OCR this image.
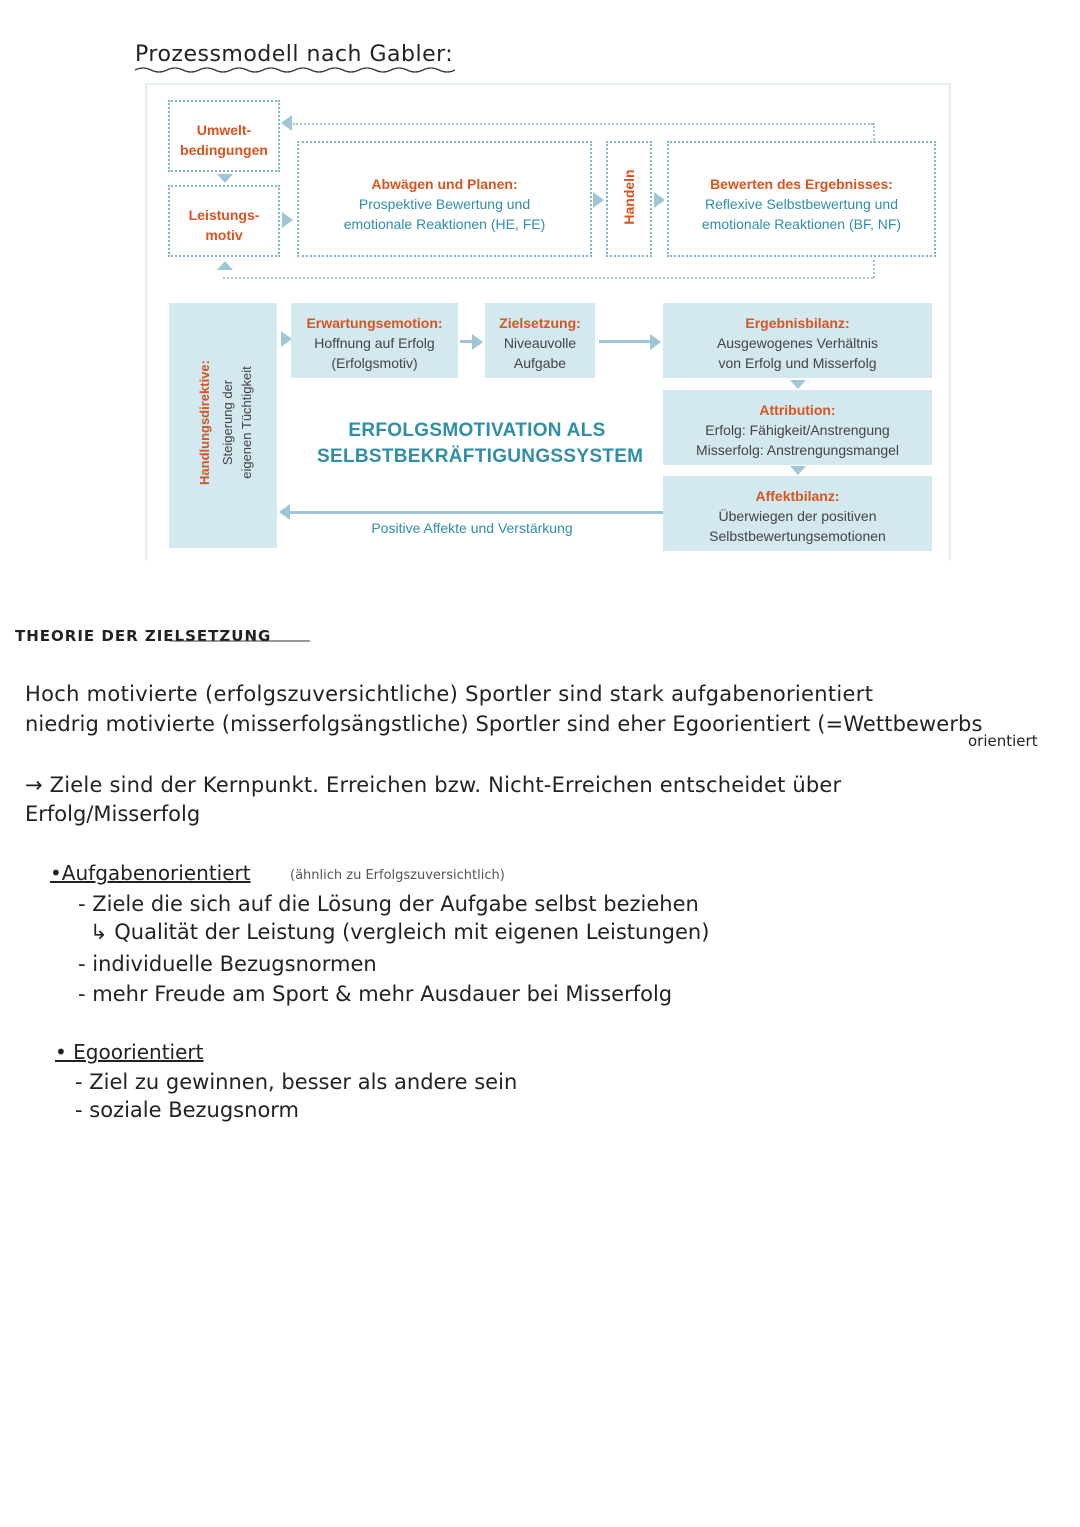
Prozessmodell nach Gabler:
Umwelt-
bedingungen
Leistungs-
motiv
Abwägen und Planen:
Prospektive Bewertung und
emotionale Reaktionen (HE, FE)	Handeln	Bewerten des Ergebnisses:
Reflexive Selbstbewertung und
emotionale Reaktionen (BF, NF)
Handlungsdirektive: Steigerung der eigenen Tüchtigkeit
Erwartungsemotion:
Hoffnung auf Erfolg
(Erfolgsmotiv)
Zielsetzung:
Niveauvolle
Aufgabe
Ergebnisbilanz:
Ausgewogenes Verhältnis
von Erfolg und Misserfolg
Attribution:
Erfolg: Fähigkeit/Anstrengung
Misserfolg: Anstrengungsmangel
Affektbilanz:
Überwiegen der positiven
Selbstbewertungsemotionen
ERFOLGSMOTIVATION ALS
SELBSTBEKRÄFTIGUNGSSYSTEM
Positive Affekte und Verstärkung
THEORIE DER ZIELSETZUNG
Hoch motivierte (erfolgszuversichtliche) Sportler sind stark aufgabenorientiert
niedrig motivierte (misserfolgsängstliche) Sportler sind eher Egoorientiert (=Wettbewerbs
orientiert
→ Ziele sind der Kernpunkt. Erreichen bzw. Nicht-Erreichen entscheidet über
Erfolg/Misserfolg
•Aufgabenorientiert	(ähnlich zu Erfolgszuversichtlich)
- Ziele die sich auf die Lösung der Aufgabe selbst beziehen
↳ Qualität der Leistung (vergleich mit eigenen Leistungen)
- individuelle Bezugsnormen
- mehr Freude am Sport & mehr Ausdauer bei Misserfolg
• Egoorientiert
- Ziel zu gewinnen, besser als andere sein
- soziale Bezugsnorm
